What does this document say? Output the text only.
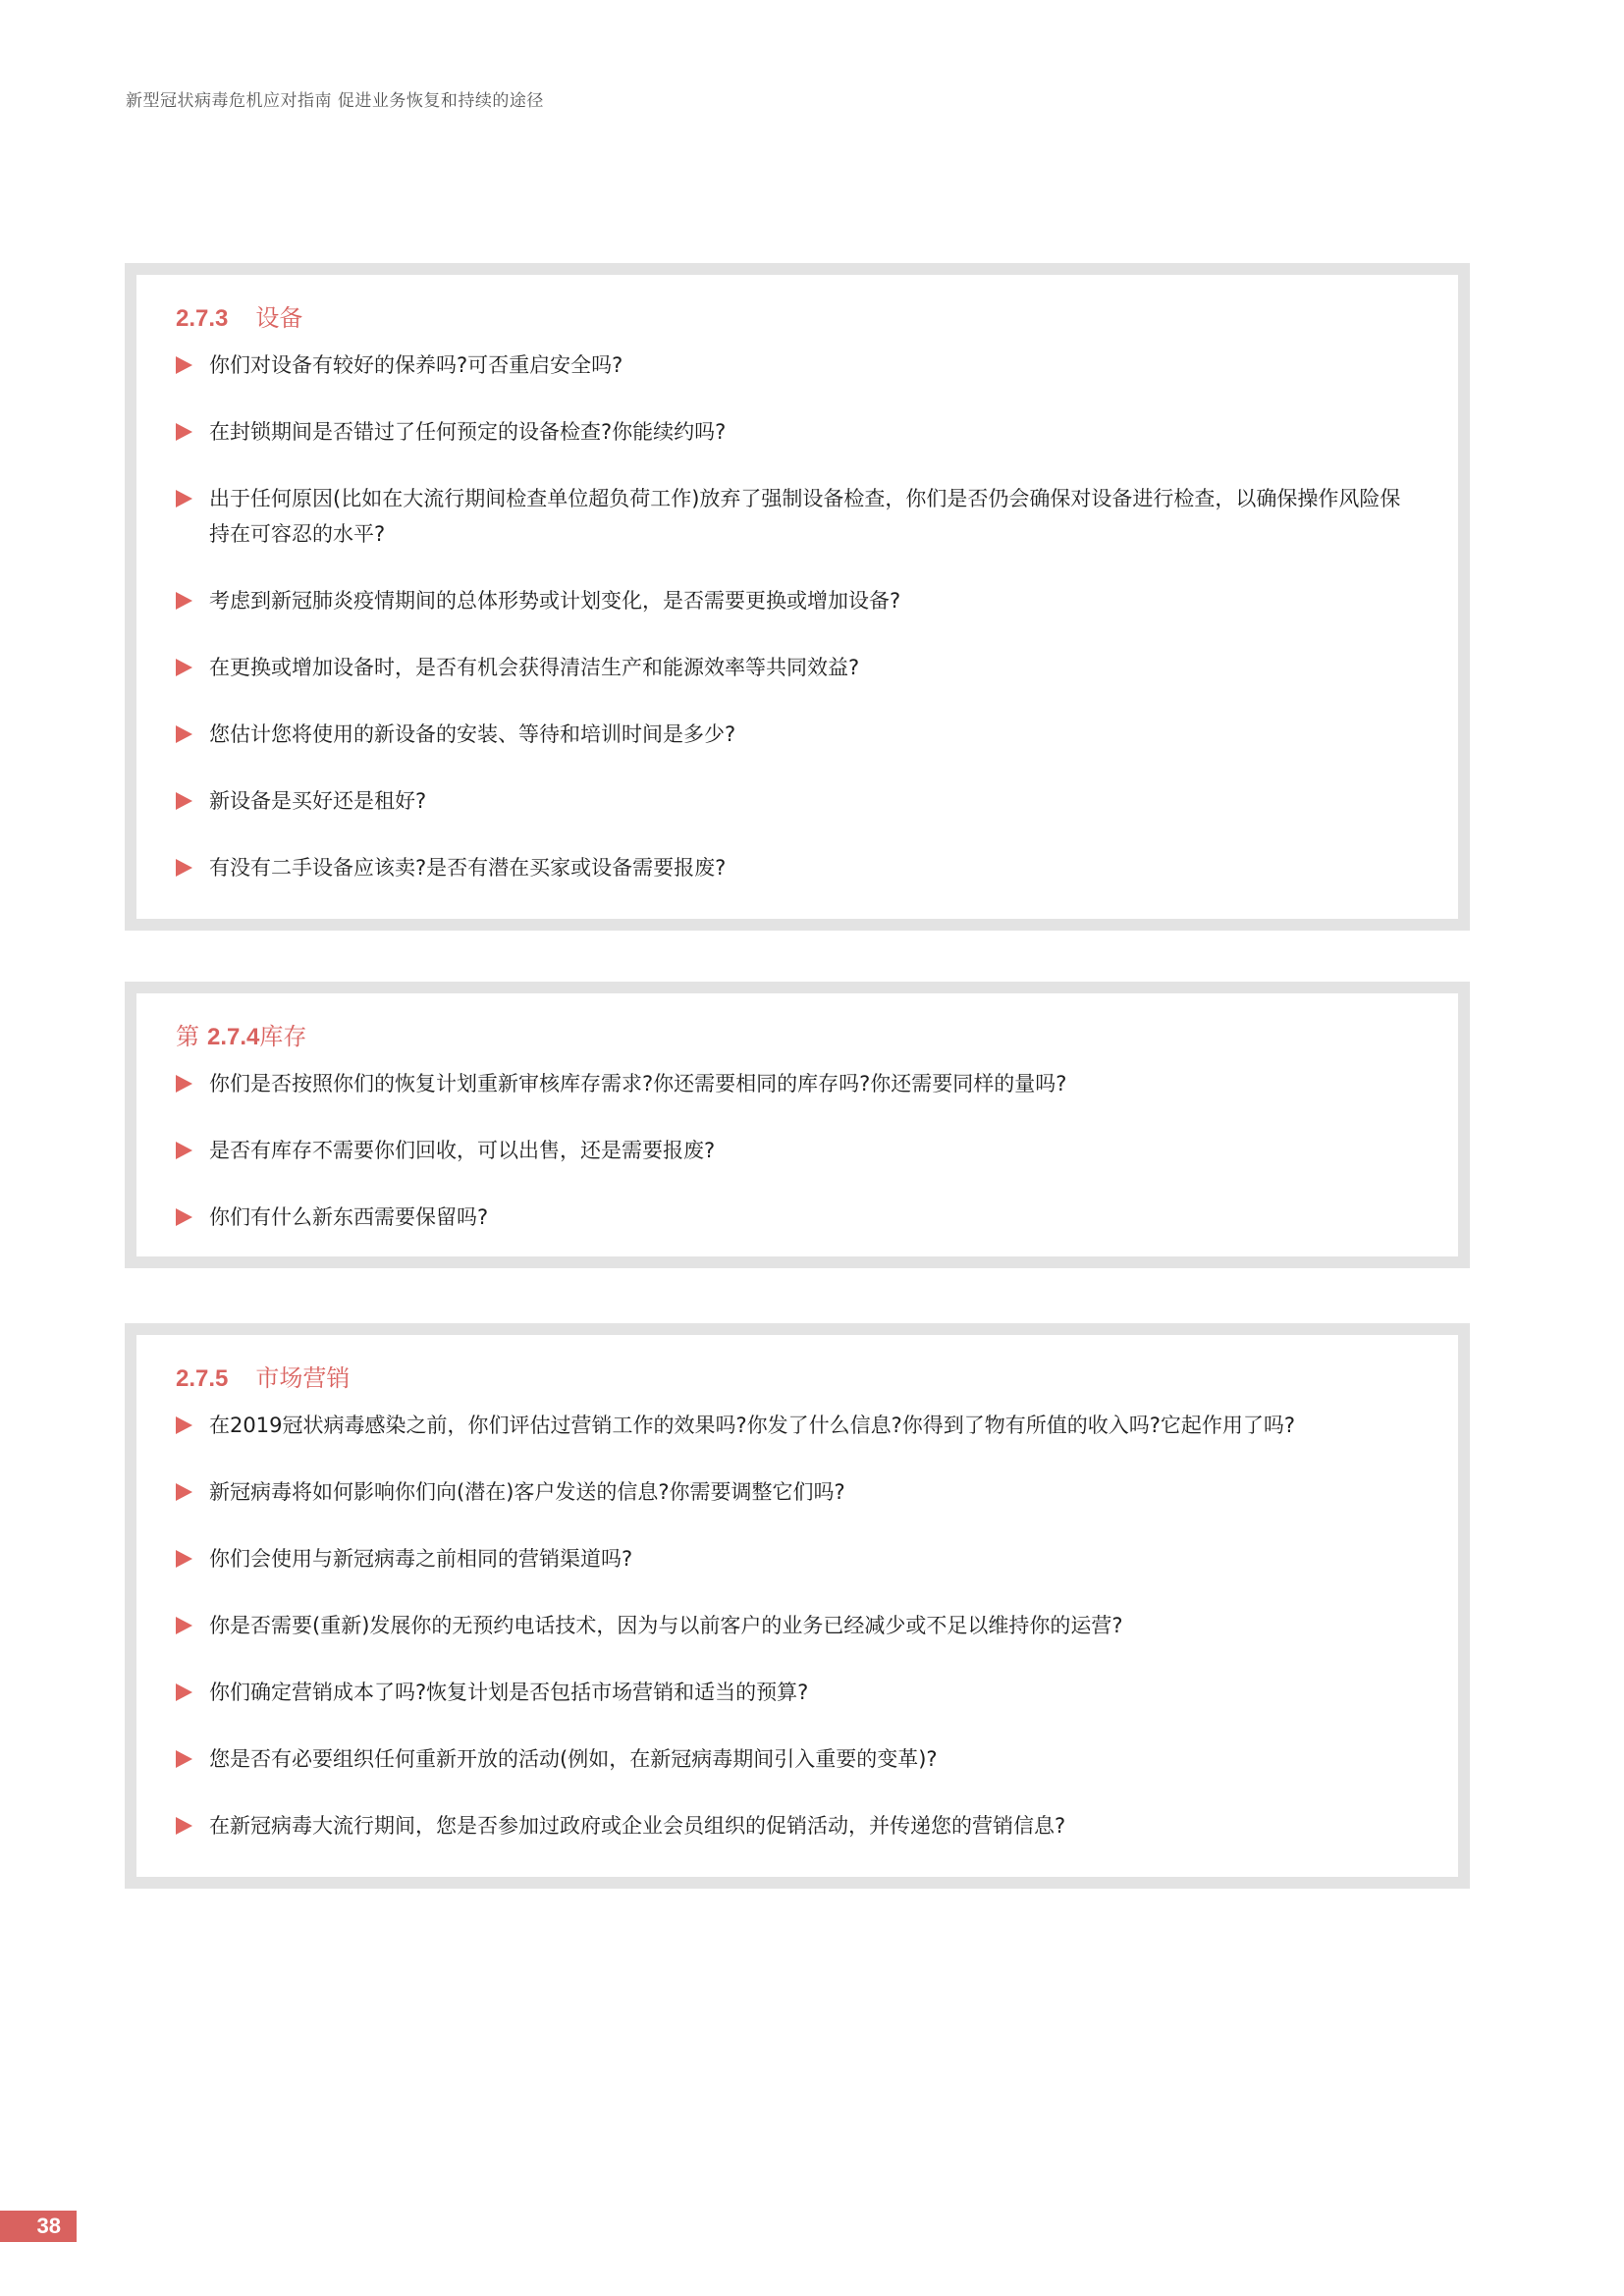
新型冠状病毒危机应对指南 促进业务恢复和持续的途径
2.7.3 设备
你们对设备有较好的保养吗?可否重启安全吗?
在封锁期间是否错过了任何预定的设备检查?你能续约吗?
出于任何原因(比如在大流行期间检查单位超负荷工作)放弃了强制设备检查，你们是否仍会确保对设备进行检查，以确保操作风险保持在可容忍的水平?
考虑到新冠肺炎疫情期间的总体形势或计划变化，是否需要更换或增加设备?
在更换或增加设备时，是否有机会获得清洁生产和能源效率等共同效益?
您估计您将使用的新设备的安装、等待和培训时间是多少?
新设备是买好还是租好?
有没有二手设备应该卖?是否有潜在买家或设备需要报废?
第 2.7.4 库存
你们是否按照你们的恢复计划重新审核库存需求?你还需要相同的库存吗?你还需要同样的量吗?
是否有库存不需要你们回收，可以出售，还是需要报废?
你们有什么新东西需要保留吗?
2.7.5 市场营销
在2019冠状病毒感染之前，你们评估过营销工作的效果吗?你发了什么信息?你得到了物有所值的收入吗?它起作用了吗?
新冠病毒将如何影响你们向(潜在)客户发送的信息?你需要调整它们吗?
你们会使用与新冠病毒之前相同的营销渠道吗?
你是否需要(重新)发展你的无预约电话技术，因为与以前客户的业务已经减少或不足以维持你的运营?
你们确定营销成本了吗?恢复计划是否包括市场营销和适当的预算?
您是否有必要组织任何重新开放的活动(例如，在新冠病毒期间引入重要的变革)?
在新冠病毒大流行期间，您是否参加过政府或企业会员组织的促销活动，并传递您的营销信息?
38
